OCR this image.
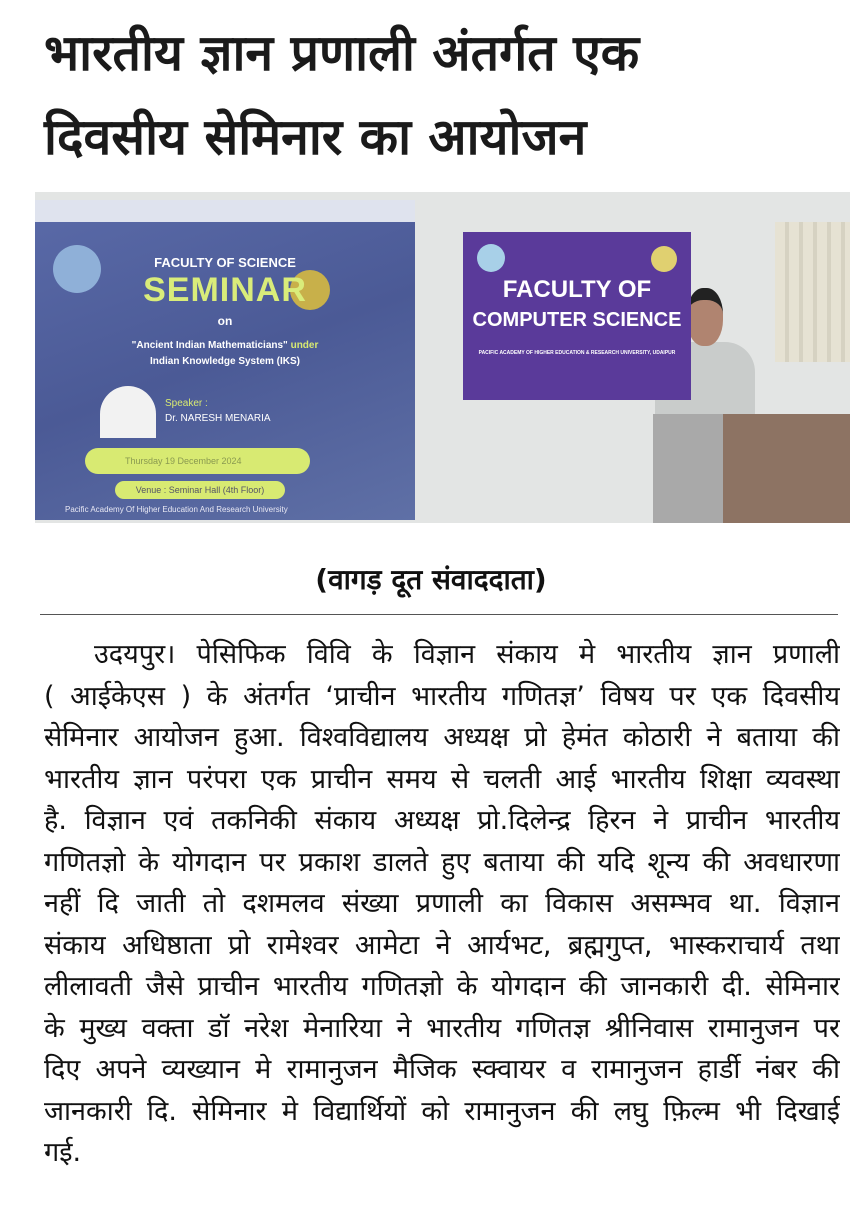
भारतीय ज्ञान प्रणाली अंतर्गत एक
दिवसीय सेमिनार का आयोजन
FACULTY OF SCIENCE
SEMINAR
on
"Ancient Indian Mathematicians" under
Indian Knowledge System (IKS)
Speaker :
Dr. NARESH MENARIA
Thursday 19 December 2024
Venue : Seminar Hall (4th Floor)
Pacific Academy Of Higher Education And Research University
FACULTY OF
COMPUTER SCIENCE
PACIFIC ACADEMY OF HIGHER EDUCATION & RESEARCH UNIVERSITY, UDAIPUR
(वागड़ दूत संवाददाता)
उदयपुर। पेसिफिक विवि के विज्ञान संकाय मे भारतीय ज्ञान प्रणाली
( आईकेएस ) के अंतर्गत ‘प्राचीन भारतीय गणितज्ञ’ विषय पर एक दिवसीय
सेमिनार आयोजन हुआ. विश्वविद्यालय अध्यक्ष प्रो हेमंत कोठारी ने बताया की
भारतीय ज्ञान परंपरा एक प्राचीन समय से चलती आई भारतीय शिक्षा व्यवस्था
है. विज्ञान एवं तकनिकी संकाय अध्यक्ष प्रो.दिलेन्द्र हिरन ने प्राचीन भारतीय
गणितज्ञो के योगदान पर प्रकाश डालते हुए बताया की यदि शून्य की अवधारणा
नहीं दि जाती तो दशमलव संख्या प्रणाली का विकास असम्भव था. विज्ञान
संकाय अधिष्ठाता प्रो रामेश्वर आमेटा ने आर्यभट, ब्रह्मगुप्त, भास्कराचार्य तथा
लीलावती जैसे प्राचीन भारतीय गणितज्ञो के योगदान की जानकारी दी. सेमिनार
के मुख्य वक्ता डॉ नरेश मेनारिया ने भारतीय गणितज्ञ श्रीनिवास रामानुजन पर
दिए अपने व्यख्यान मे रामानुजन मैजिक स्क्वायर व रामानुजन हार्डी नंबर की
जानकारी दि. सेमिनार मे विद्यार्थियों को रामानुजन की लघु फ़िल्म भी दिखाई
गई.
